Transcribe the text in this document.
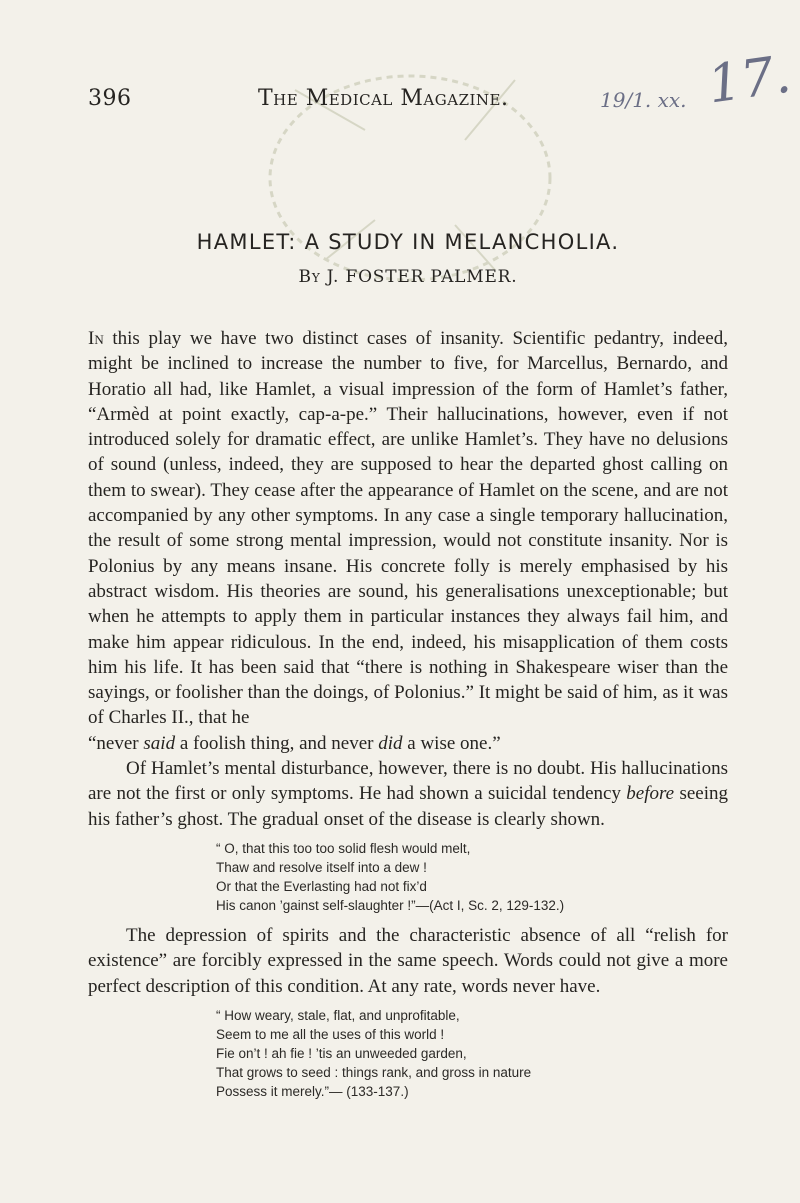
396	The Medical Magazine.	19/1. xx. 17.
HAMLET: A STUDY IN MELANCHOLIA.
By J. FOSTER PALMER.

In this play we have two distinct cases of insanity. Scientific pedantry, indeed, might be inclined to increase the number to five, for Marcellus, Bernardo, and Horatio all had, like Hamlet, a visual impression of the form of Hamlet’s father, “Armèd at point exactly, cap-a-pe.” Their hallucinations, however, even if not introduced solely for dramatic effect, are unlike Hamlet’s. They have no delusions of sound (unless, indeed, they are supposed to hear the departed ghost calling on them to swear). They cease after the appearance of Hamlet on the scene, and are not accompanied by any other symptoms. In any case a single temporary hallucination, the result of some strong mental impression, would not constitute insanity. Nor is Polonius by any means insane. His concrete folly is merely emphasised by his abstract wisdom. His theories are sound, his generalisations unexceptionable; but when he attempts to apply them in particular instances they always fail him, and make him appear ridiculous. In the end, indeed, his misapplication of them costs him his life. It has been said that “there is nothing in Shakespeare wiser than the sayings, or foolisher than the doings, of Polonius.” It might be said of him, as it was of Charles II., that he
“never said a foolish thing, and never did a wise one.”

Of Hamlet’s mental disturbance, however, there is no doubt. His hallucinations are not the first or only symptoms. He had shown a suicidal tendency before seeing his father’s ghost. The gradual onset of the disease is clearly shown.

“ O, that this too too solid flesh would melt,
Thaw and resolve itself into a dew !
Or that the Everlasting had not fix’d
His canon ’gainst self-slaughter !”—(Act I, Sc. 2, 129-132.)

The depression of spirits and the characteristic absence of all “relish for existence” are forcibly expressed in the same speech. Words could not give a more perfect description of this condition. At any rate, words never have.

“ How weary, stale, flat, and unprofitable,
Seem to me all the uses of this world !
Fie on’t ! ah fie ! ’tis an unweeded garden,
That grows to seed : things rank, and gross in nature
Possess it merely.”— (133-137.)
